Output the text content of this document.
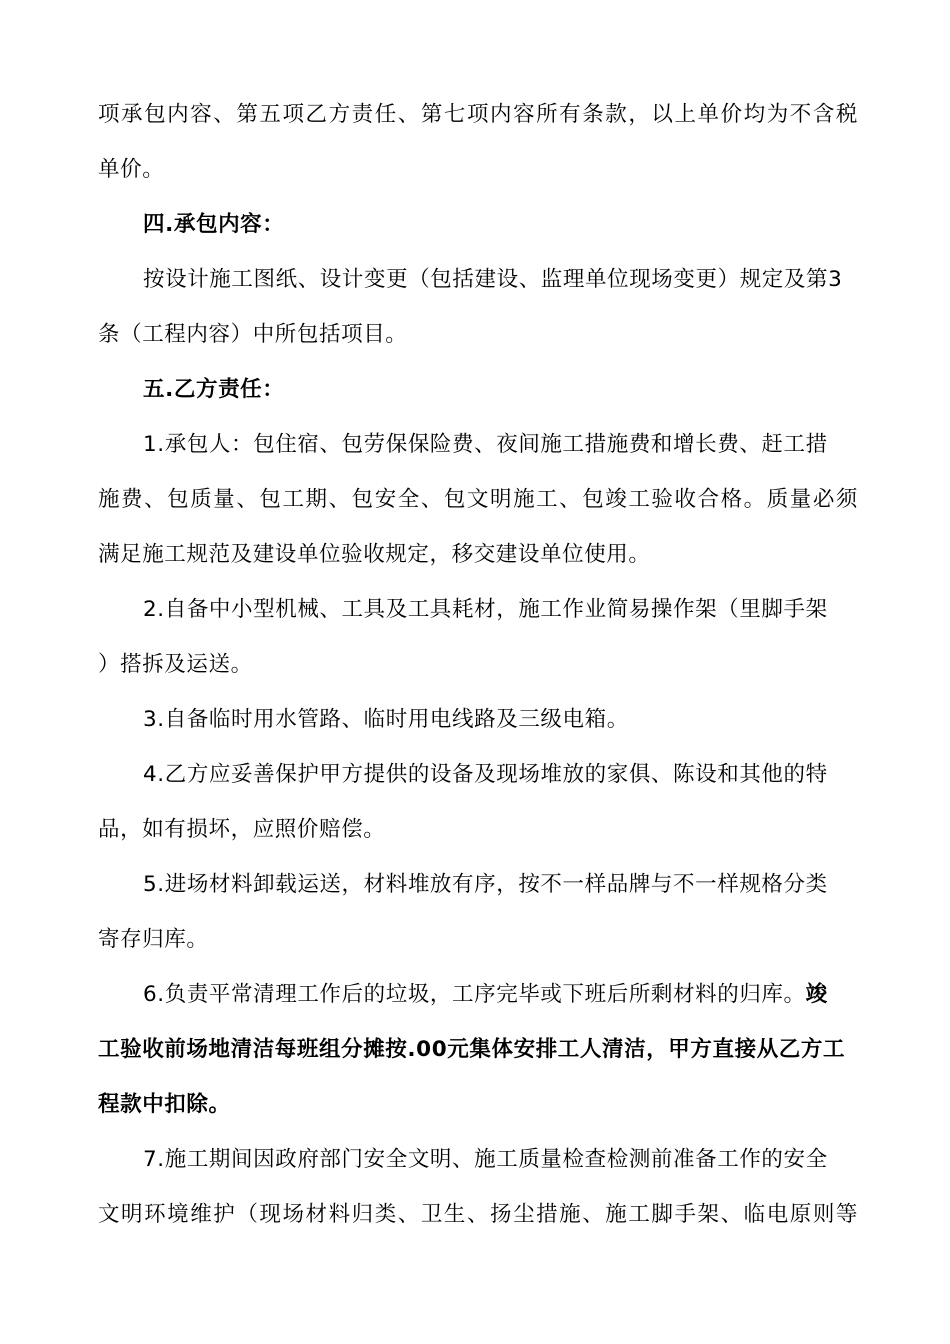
项承包内容、第五项乙方责任、第七项内容所有条款，以上单价均为不含税
单价。
四.承包内容：
按设计施工图纸、设计变更（包括建设、监理单位现场变更）规定及第3
条（工程内容）中所包括项目。
五.乙方责任：
1.承包人：包住宿、包劳保保险费、夜间施工措施费和增长费、赶工措
施费、包质量、包工期、包安全、包文明施工、包竣工验收合格。质量必须
满足施工规范及建设单位验收规定，移交建设单位使用。
2.自备中小型机械、工具及工具耗材，施工作业简易操作架（里脚手架
）搭拆及运送。
3.自备临时用水管路、临时用电线路及三级电箱。
4.乙方应妥善保护甲方提供的设备及现场堆放的家俱、陈设和其他的特
品，如有损坏，应照价赔偿。
5.进场材料卸载运送，材料堆放有序，按不一样品牌与不一样规格分类
寄存归库。
6.负责平常清理工作后的垃圾，工序完毕或下班后所剩材料的归库。竣
工验收前场地清洁每班组分摊按.00元集体安排工人清洁，甲方直接从乙方工
程款中扣除。
7.施工期间因政府部门安全文明、施工质量检查检测前准备工作的安全
文明环境维护（现场材料归类、卫生、扬尘措施、施工脚手架、临电原则等
